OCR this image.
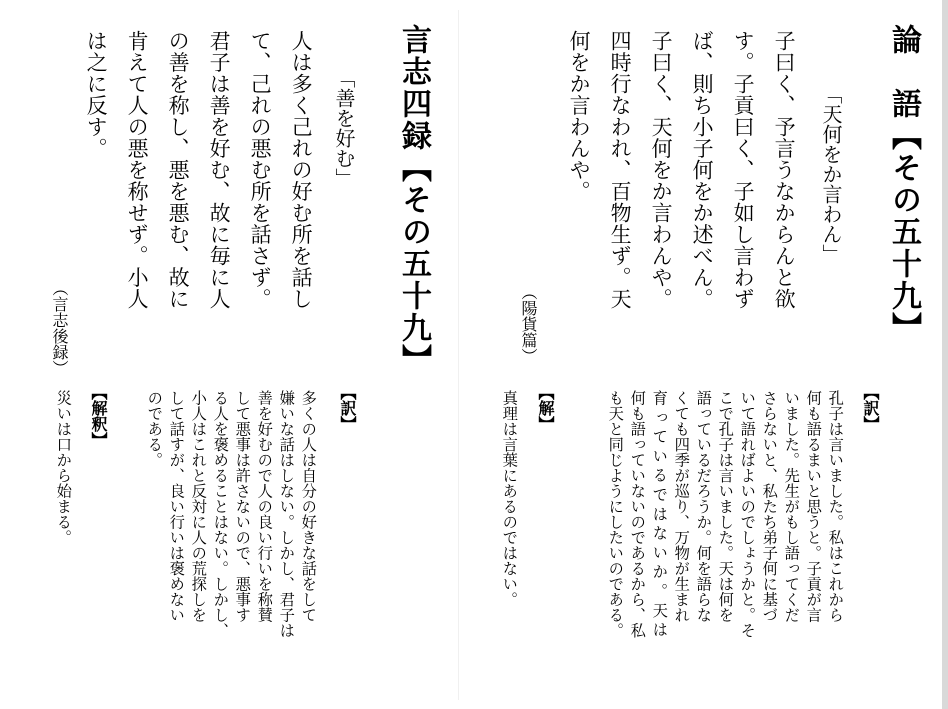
論　語【その五十九】
「天何をか言わん」
子曰く、予言うなからんと欲
す。子貢曰く、子如し言わず
ば、則ち小子何をか述べん。
子曰く、天何をか言わんや。
四時行なわれ、百物生ず。天
何をか言わんや。
（陽貨篇）
【訳】
孔子は言いました。私はこれから
何も語るまいと思うと。子貢が言
いました。先生がもし語ってくだ
さらないと、私たち弟子何に基づ
いて語ればよいのでしょうかと。そ
こで孔子は言いました。天は何を
語っているだろうか。何を語らな
くても四季が巡り、万物が生まれ
育っているではないか。天は
何も語っていないのであるから、私
も天と同じようにしたいのである。
【解】
真理は言葉にあるのではない。
言志四録【その五十九】
「善を好む」
人は多く己れの好む所を話し
て、己れの悪む所を話さず。
君子は善を好む、故に毎に人
の善を称し、悪を悪む、故に
肯えて人の悪を称せず。小人
は之に反す。
（言志後録）
【訳】
多くの人は自分の好きな話をして
嫌いな話はしない。しかし、君子は
善を好むので人の良い行いを称賛
して悪事は許さないので、悪事す
る人を褒めることはない。しかし、
小人はこれと反対に人の荒探しを
して話すが、良い行いは褒めない
のである。
【解釈】
災いは口から始まる。
